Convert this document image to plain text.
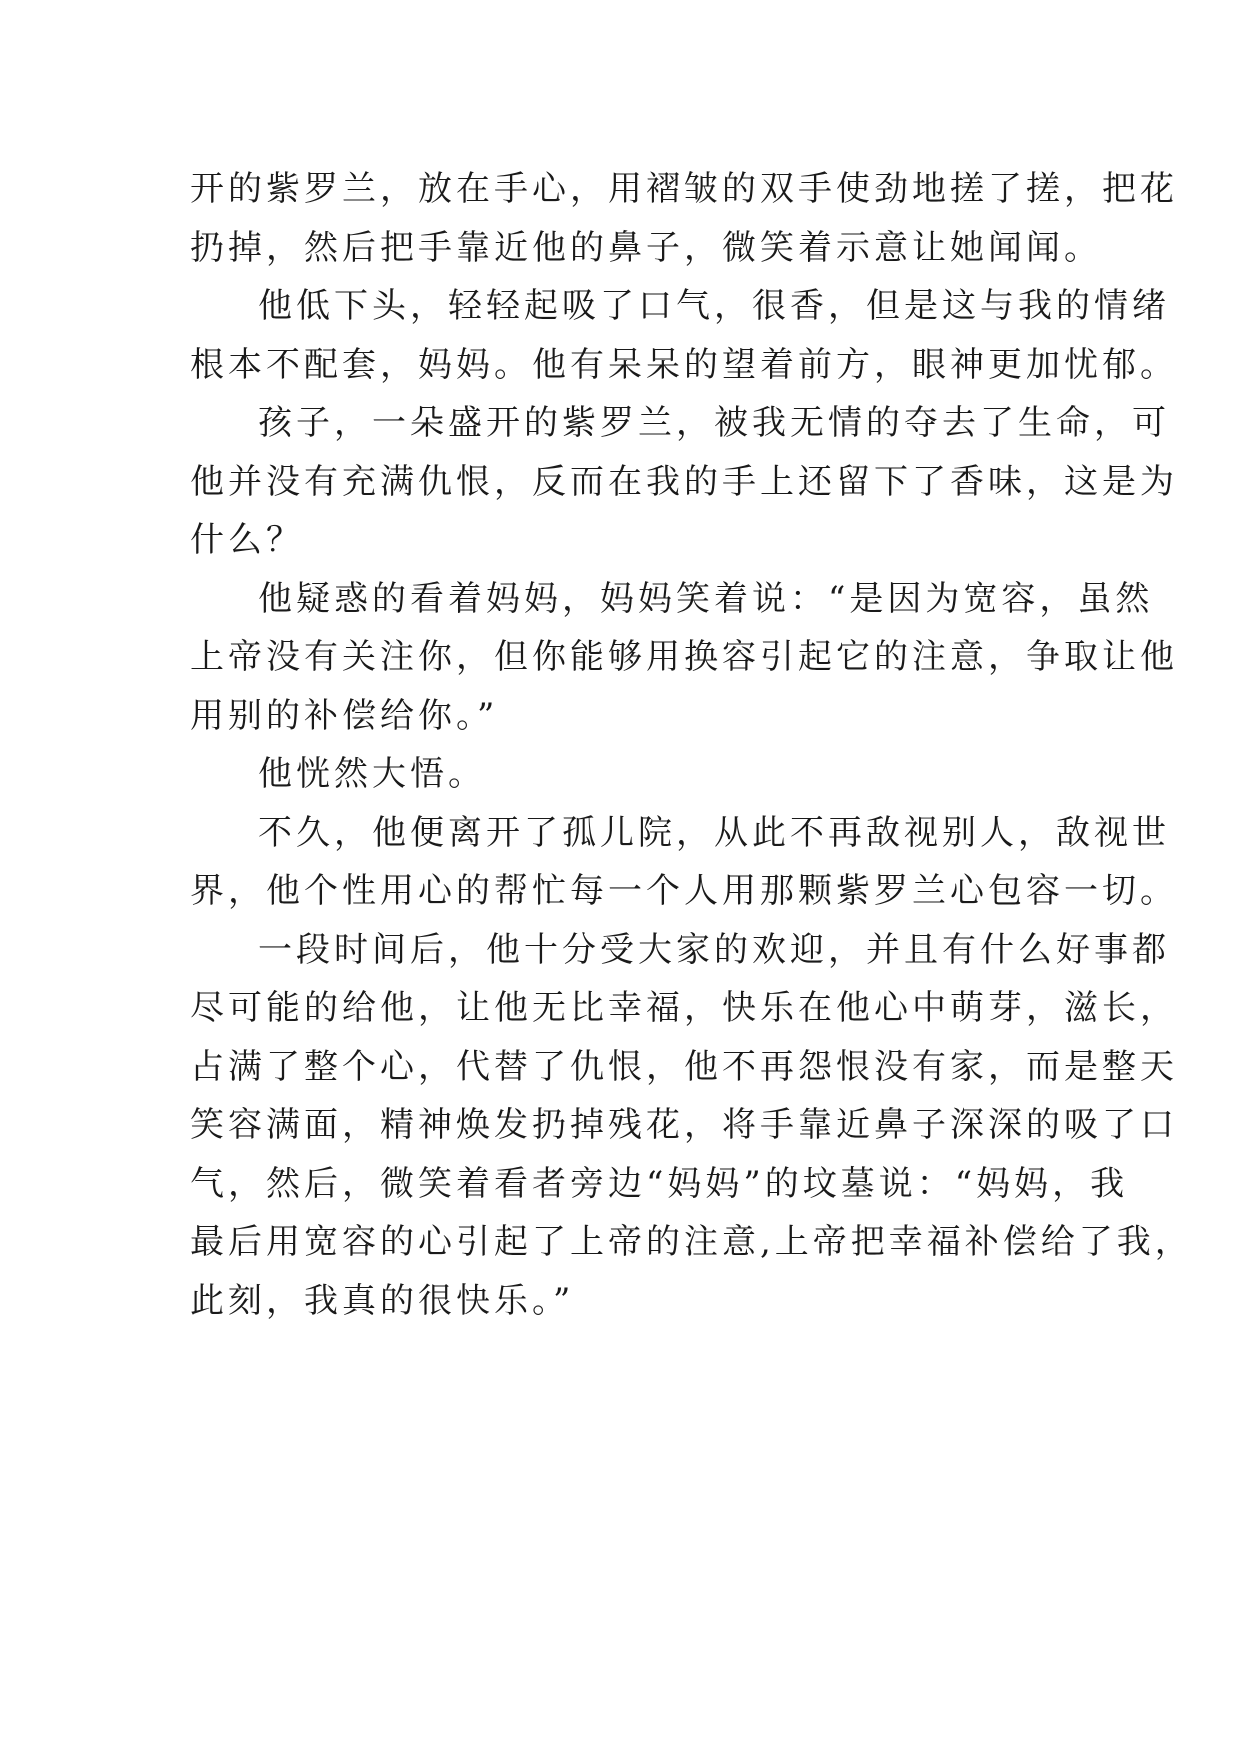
开的紫罗兰，放在手心，用褶皱的双手使劲地搓了搓，把花
扔掉，然后把手靠近他的鼻子，微笑着示意让她闻闻。

他低下头，轻轻起吸了口气，很香，但是这与我的情绪
根本不配套，妈妈。他有呆呆的望着前方，眼神更加忧郁。

孩子，一朵盛开的紫罗兰，被我无情的夺去了生命，可
他并没有充满仇恨，反而在我的手上还留下了香味，这是为
什么？

他疑惑的看着妈妈，妈妈笑着说：“是因为宽容，虽然
上帝没有关注你，但你能够用换容引起它的注意，争取让他
用别的补偿给你。”

他恍然大悟。

不久，他便离开了孤儿院，从此不再敌视别人，敌视世
界，他个性用心的帮忙每一个人用那颗紫罗兰心包容一切。

一段时间后，他十分受大家的欢迎，并且有什么好事都
尽可能的给他，让他无比幸福，快乐在他心中萌芽，滋长，
占满了整个心，代替了仇恨，他不再怨恨没有家，而是整天
笑容满面，精神焕发扔掉残花，将手靠近鼻子深深的吸了口
气，然后，微笑着看者旁边“妈妈”的坟墓说：“妈妈，我
最后用宽容的心引起了上帝的注意,上帝把幸福补偿给了我，
此刻，我真的很快乐。”
